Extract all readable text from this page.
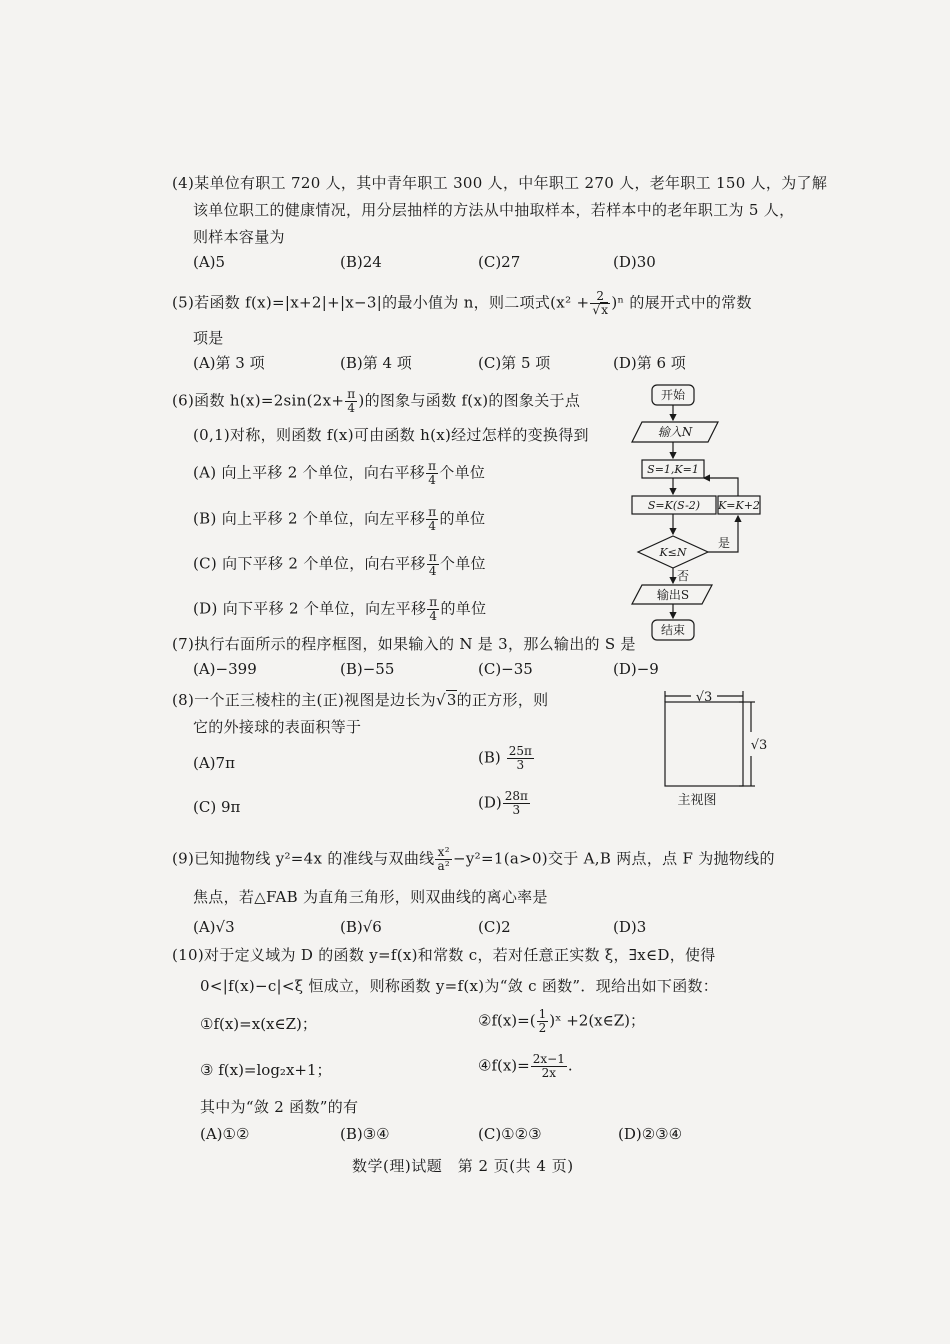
(4)某单位有职工 720 人，其中青年职工 300 人，中年职工 270 人，老年职工 150 人，为了解
该单位职工的健康情况，用分层抽样的方法从中抽取样本，若样本中的老年职工为 5 人，
则样本容量为
(A)5	(B)24	(C)27	(D)30
(5)若函数 f(x)=|x+2|+|x−3|的最小值为 n，则二项式$(x^2 + \frac{2}{√x} )^n$ 的展开式中的常数
项是
(A)第 3 项	(B)第 4 项	(C)第 5 项	(D)第 6 项
(6)函数 $h(x)=2\sin(2x+ \frac{\pi}{4}$ )的图象与函数 f(x)的图象关于点
(0,1)对称，则函数 f(x)可由函数 h(x)经过怎样的变换得到
(A) 向上平移 2 个单位，向右平移 $\frac{\pi}{4}$ 个单位
(B) 向上平移 2 个单位，向左平移 $\frac{\pi}{4}$ 的单位
(C) 向下平移 2 个单位，向右平移 $\frac{\pi}{4}$ 个单位
(D) 向下平移 2 个单位，向左平移 $\frac{\pi}{4}$ 的单位
开始
输入N
S=1,K=1
S=K(S-2) K=K+2
K≤N
是
否
输出S
结束
(7)执行右面所示的程序框图，如果输入的 N 是 3，那么输出的 S 是
(A)−399	(B)−55	(C)−35	(D)−9
(8)一个正三棱柱的主(正)视图是边长为√3的正方形，则
它的外接球的表面积等于
(A)7π	$(B) \frac{25\pi}{3}$
(C) 9π	$(D) \frac{28\pi}{3}$
√3
√3
主视图
(9)已知抛物线 y²=4x 的准线与双曲线 $\frac{\text{x²}}{\text{a²}} -y^2=1(a>0)$交于 A,B 两点，点 F 为抛物线的
焦点，若△FAB 为直角三角形，则双曲线的离心率是
(A)√3	(B)√6	(C)2	(D)3
(10)对于定义域为 D 的函数 y=f(x)和常数 c，若对任意正实数 ξ，∃x∈D，使得
0<|f(x)−c|<ξ 恒成立，则称函数 y=f(x)为“敛 c 函数”．现给出如下函数：
①f(x)=x(x∈Z)；	②f(x)=( $\frac{1}{2}$ )ˣ +2(x∈Z)；
③ f(x)=log₂x+1；	④f(x)= $\frac{2x-1}{2x}$ .
其中为“敛 2 函数”的有
(A)①②	(B)③④	(C)①②③	(D)②③④
数学(理)试题　第 2 页(共 4 页)
